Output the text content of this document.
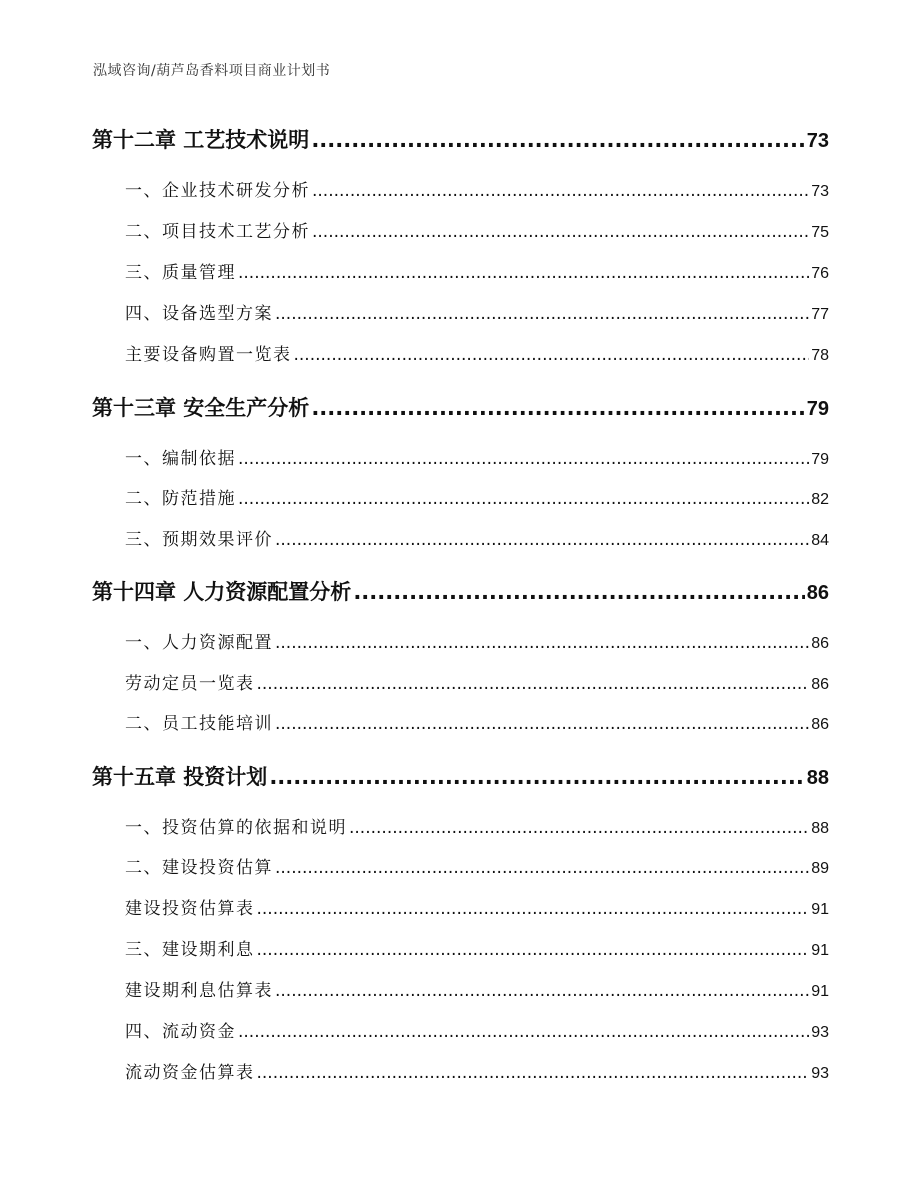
泓域咨询/葫芦岛香料项目商业计划书
第十二章 工艺技术说明 .....	73
一、 企业技术研发分析 .....	73
二、 项目技术工艺分析 .....	75
三、 质量管理 .....	76
四、 设备选型方案 .....	77
主要设备购置一览表 .....	78
第十三章 安全生产分析 .....	79
一、 编制依据 .....	79
二、 防范措施 .....	82
三、 预期效果评价 .....	84
第十四章 人力资源配置分析 .....	86
一、 人力资源配置 .....	86
劳动定员一览表 .....	86
二、 员工技能培训 .....	86
第十五章 投资计划 .....	88
一、 投资估算的依据和说明 .....	88
二、 建设投资估算 .....	89
建设投资估算表 .....	91
三、 建设期利息 .....	91
建设期利息估算表 .....	91
四、 流动资金 .....	93
流动资金估算表 .....	93
